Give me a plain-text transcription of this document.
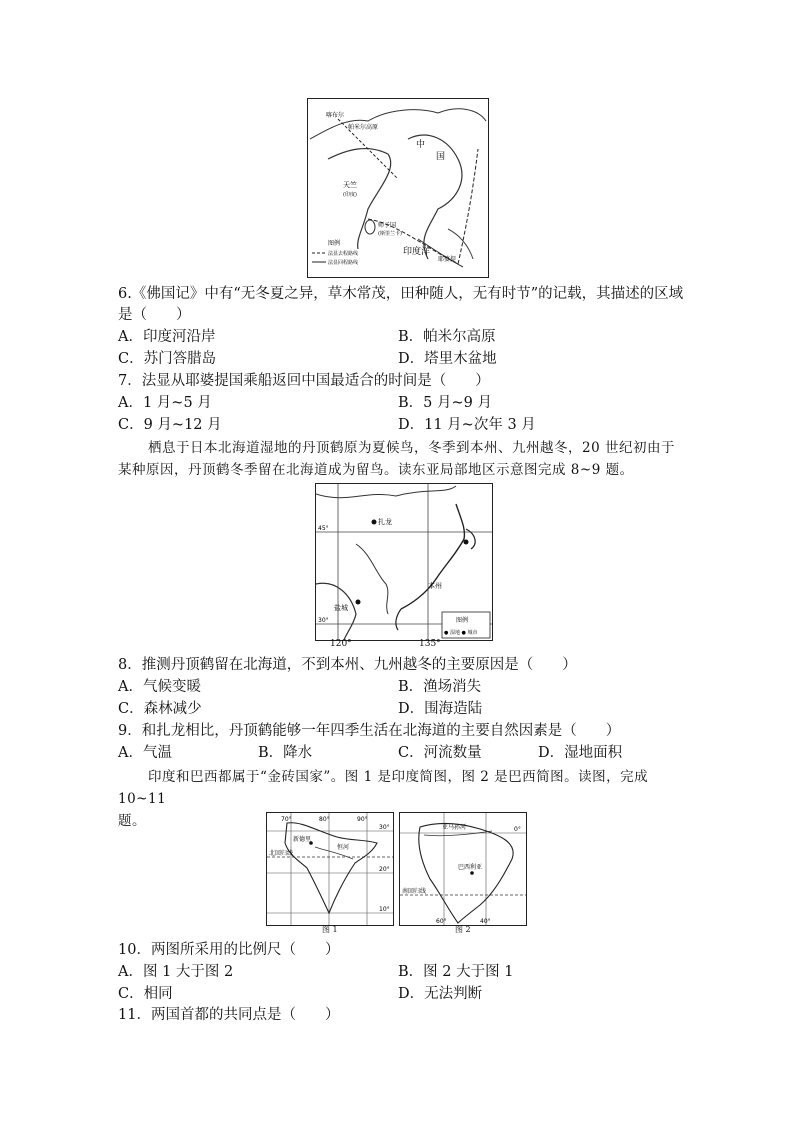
喀布尔
帕米尔高原
中
国
天竺
(印度)
师子国
(斯里兰卡)
印度洋
耶婆提
图例
法显去程路线
法显回程路线
6.《佛国记》中有“无冬夏之异，草木常茂，田种随人，无有时节”的记载，其描述的区域
是（　　）
A．印度河沿岸	B．帕米尔高原
C．苏门答腊岛	D．塔里木盆地
7．法显从耶婆提国乘船返回中国最适合的时间是（　　）
A．1 月~5 月	B．5 月~9 月
C．9 月~12 月	D．11 月~次年 3 月
栖息于日本北海道湿地的丹顶鹤原为夏候鸟，冬季到本州、九州越冬，20 世纪初由于
某种原因，丹顶鹤冬季留在北海道成为留鸟。读东亚局部地区示意图完成 8~9 题。
45°
30°
扎龙
盐城
本州
图例
● 湿地 ● 城市
120°	135°
8．推测丹顶鹤留在北海道，不到本州、九州越冬的主要原因是（　　）
A．气候变暖	B．渔场消失
C．森林减少	D．围海造陆
9．和扎龙相比，丹顶鹤能够一年四季生活在北海道的主要自然因素是（　　）
A．气温	B．降水	C．河流数量	D．湿地面积
印度和巴西都属于“金砖国家”。图 1 是印度简图，图 2 是巴西简图。读图，完成 10~11
题。	70°	80°	90°
30°
20°
10°
新德里
恒河
北回归线
图 1
亚马孙河
巴西利亚
南回归线
0°
60°	40°
图 2
10．两图所采用的比例尺（　　）
A．图 1 大于图 2	B．图 2 大于图 1
C．相同	D．无法判断
11．两国首都的共同点是（　　）
